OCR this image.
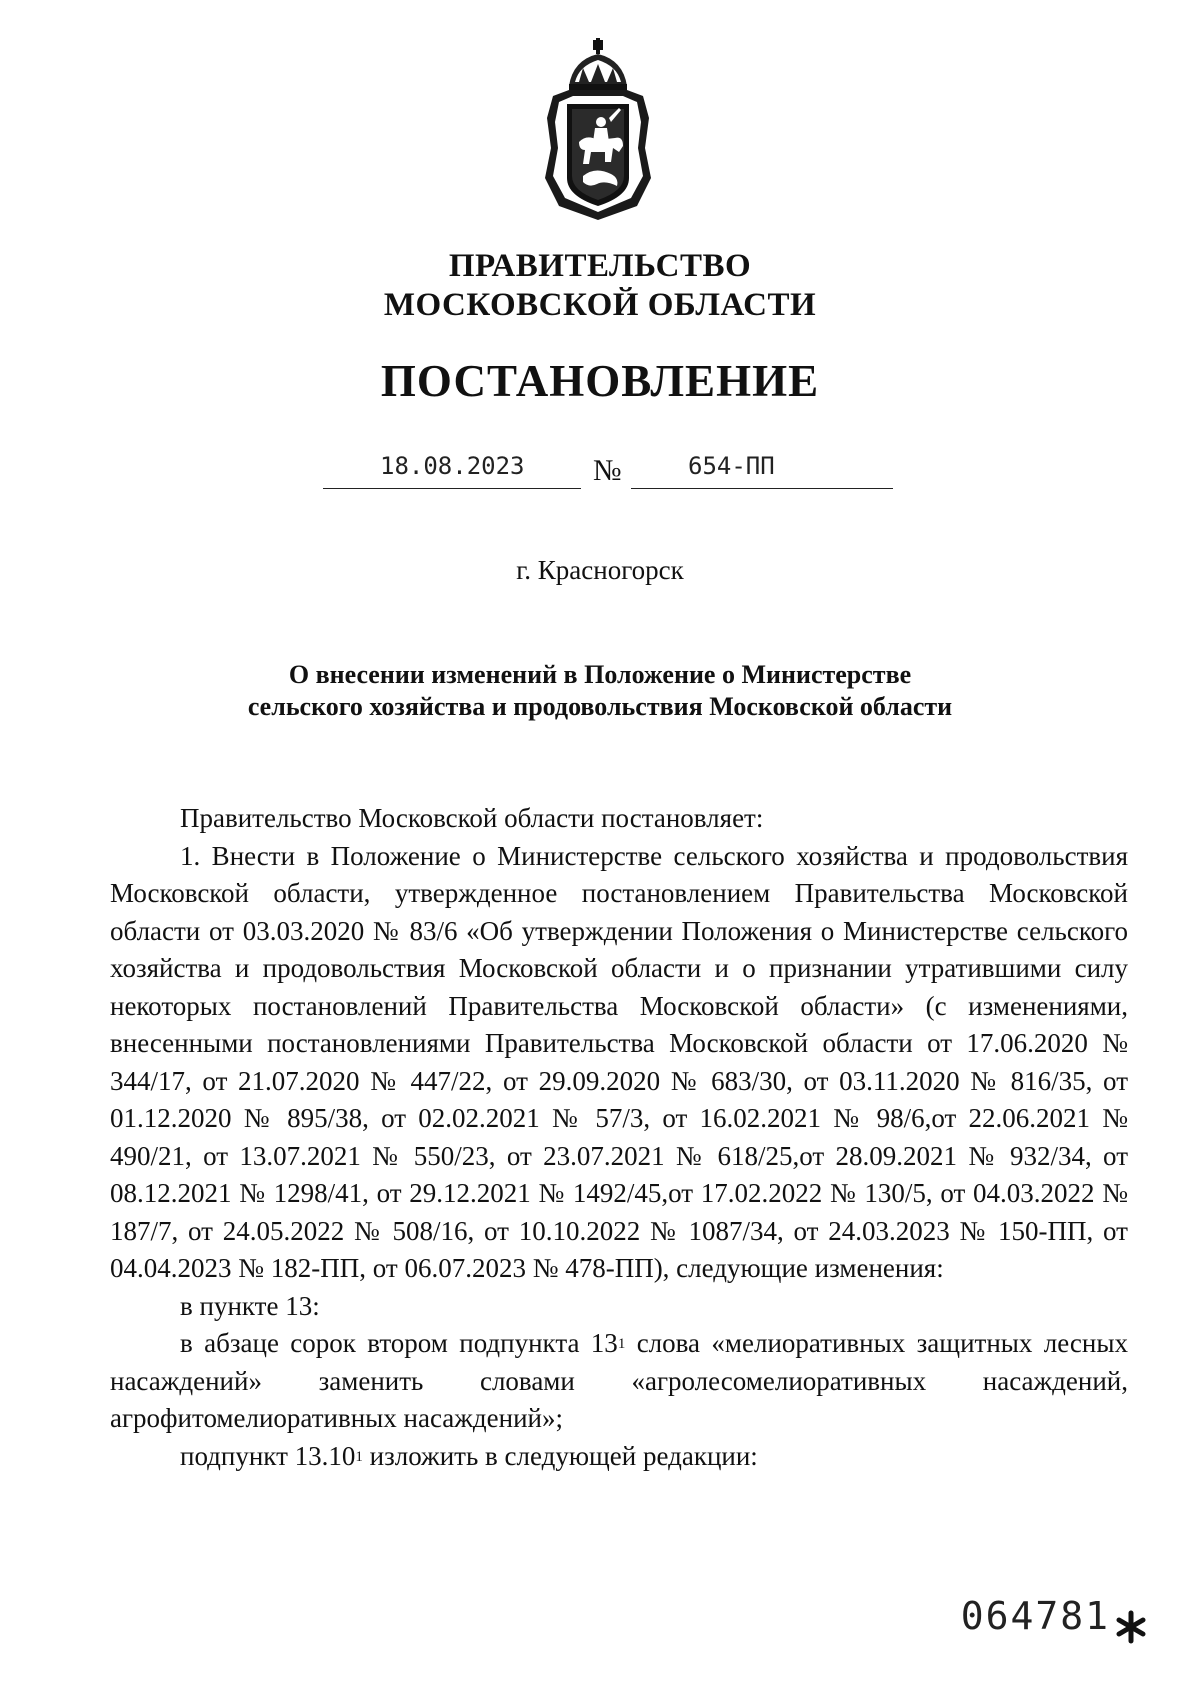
ПРАВИТЕЛЬСТВО
МОСКОВСКОЙ ОБЛАСТИ
ПОСТАНОВЛЕНИЕ
18.08.2023 №	654-ПП
г. Красногорск
О внесении изменений в Положение о Министерстве
сельского хозяйства и продовольствия Московской области

Правительство Московской области постановляет:

1. Внести в Положение о Министерстве сельского хозяйства и продовольствия Московской области, утвержденное постановлением Правительства Московской области от 03.03.2020 № 83/6 «Об утверждении Положения о Министерстве сельского хозяйства и продовольствия Московской области и о признании утратившими силу некоторых постановлений Правительства Московской области» (с изменениями, внесенными постановлениями Правительства Московской области от 17.06.2020 № 344/17, от 21.07.2020 № 447/22, от 29.09.2020 № 683/30, от 03.11.2020 № 816/35, от 01.12.2020 № 895/38, от 02.02.2021 № 57/3, от 16.02.2021 № 98/6,от 22.06.2021 № 490/21, от 13.07.2021 № 550/23, от 23.07.2021 № 618/25,от 28.09.2021 № 932/34, от 08.12.2021 № 1298/41, от 29.12.2021 № 1492/45,от 17.02.2022 № 130/5, от 04.03.2022 № 187/7, от 24.05.2022 № 508/16, от 10.10.2022 № 1087/34, от 24.03.2023 № 150-ПП, от 04.04.2023 № 182-ПП, от 06.07.2023 № 478-ПП), следующие изменения:

в пункте 13:

в абзаце сорок втором подпункта $13^1$ слова «мелиоративных защитных лесных насаждений» заменить словами «агролесомелиоративных насаждений, агрофитомелиоративных насаждений»;

подпункт 13.10$^1$ изложить в следующей редакции:

064781
